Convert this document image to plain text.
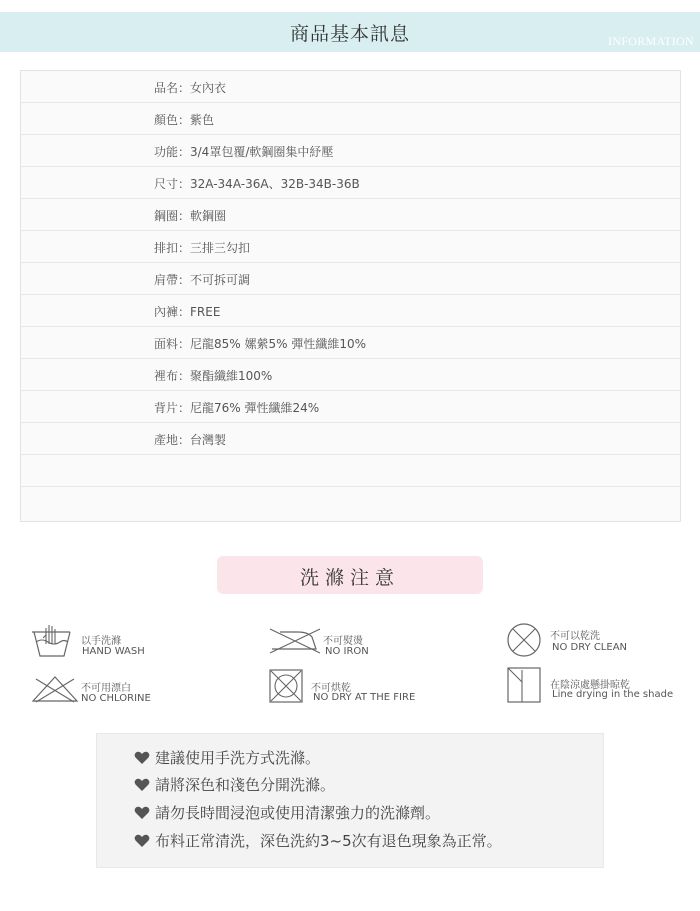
商品基本訊息	INFORMATION
品名：女內衣
顏色：紫色
功能：3/4罩包覆/軟鋼圈集中紓壓
尺寸：32A-34A-36A、32B-34B-36B
鋼圈：軟鋼圈
排扣：三排三勾扣
肩帶：不可拆可調
內褲：FREE
面料：尼龍85% 嫘縈5% 彈性纖維10%
裡布：聚酯纖維100%
背片：尼龍76% 彈性纖維24%
產地：台灣製
洗滌注意
以手洗滌
HAND WASH
不可熨燙
NO IRON
不可以乾洗
NO DRY CLEAN
不可用漂白
NO CHLORINE
不可烘乾
NO DRY AT THE FIRE
在陰涼處懸掛晾乾
Line drying in the shade
建議使用手洗方式洗滌。
請將深色和淺色分開洗滌。
請勿長時間浸泡或使用清潔強力的洗滌劑。
布料正常清洗，深色洗約3~5次有退色現象為正常。
